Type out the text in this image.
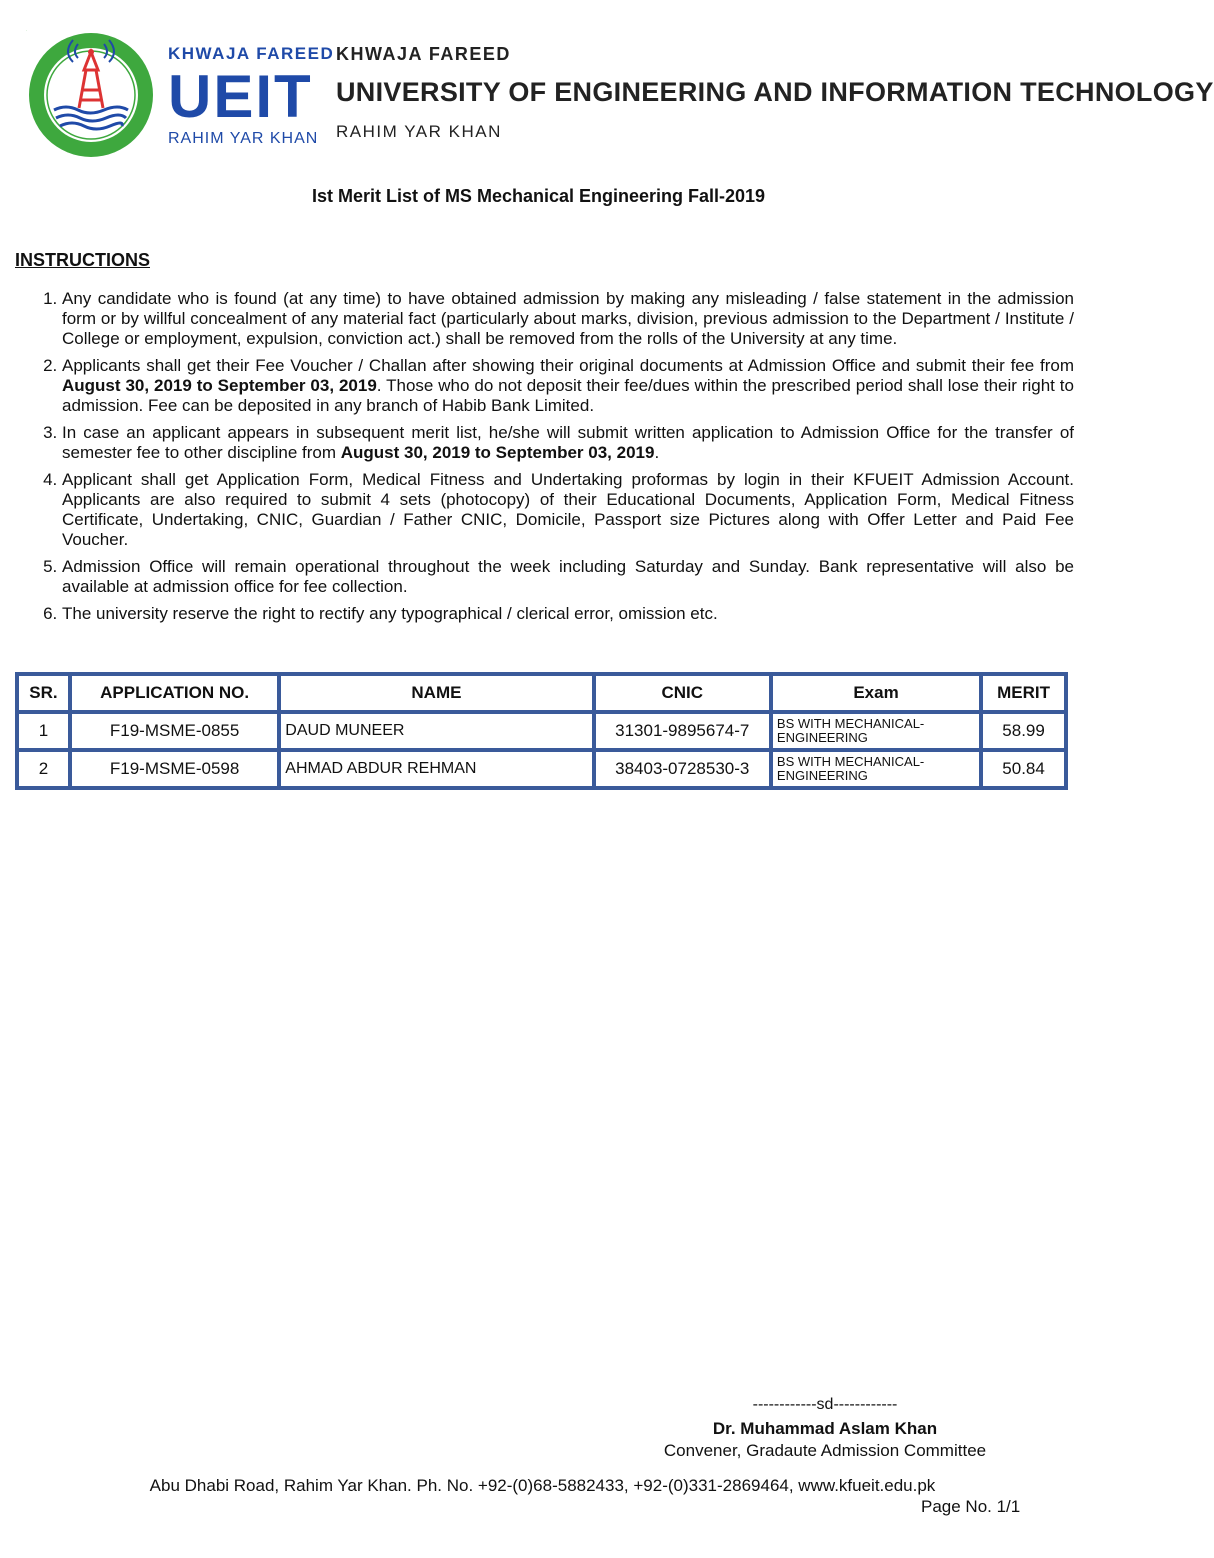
KHWAJA FAREED
UEIT
RAHIM YAR KHAN
KHWAJA FAREED
UNIVERSITY OF ENGINEERING AND INFORMATION TECHNOLOGY
RAHIM YAR KHAN
Ist Merit List of MS Mechanical Engineering Fall-2019
INSTRUCTIONS
1. Any candidate who is found (at any time) to have obtained admission by making any misleading / false statement in the admission form or by willful concealment of any material fact (particularly about marks, division, previous admission to the Department / Institute / College or employment, expulsion, conviction act.) shall be removed from the rolls of the University at any time.
2. Applicants shall get their Fee Voucher / Challan after showing their original documents at Admission Office and submit their fee from August 30, 2019 to September 03, 2019. Those who do not deposit their fee/dues within the prescribed period shall lose their right to admission. Fee can be deposited in any branch of Habib Bank Limited.
3. In case an applicant appears in subsequent merit list, he/she will submit written application to Admission Office for the transfer of semester fee to other discipline from August 30, 2019 to September 03, 2019.
4. Applicant shall get Application Form, Medical Fitness and Undertaking proformas by login in their KFUEIT Admission Account. Applicants are also required to submit 4 sets (photocopy) of their Educational Documents, Application Form, Medical Fitness Certificate, Undertaking, CNIC, Guardian / Father CNIC, Domicile, Passport size Pictures along with Offer Letter and Paid Fee Voucher.
5. Admission Office will remain operational throughout the week including Saturday and Sunday. Bank representative will also be available at admission office for fee collection.
6. The university reserve the right to rectify any typographical / clerical error, omission etc.
SR.	APPLICATION NO.	NAME	CNIC	Exam	MERIT
1	F19-MSME-0855	DAUD MUNEER	31301-9895674-7	BS WITH MECHANICAL-ENGINEERING	58.99
2	F19-MSME-0598	AHMAD ABDUR REHMAN	38403-0728530-3	BS WITH MECHANICAL-ENGINEERING	50.84
------------sd------------
Dr. Muhammad Aslam Khan
Convener, Gradaute Admission Committee
Abu Dhabi Road, Rahim Yar Khan. Ph. No. +92-(0)68-5882433, +92-(0)331-2869464, www.kfueit.edu.pk
Page No. 1/1
